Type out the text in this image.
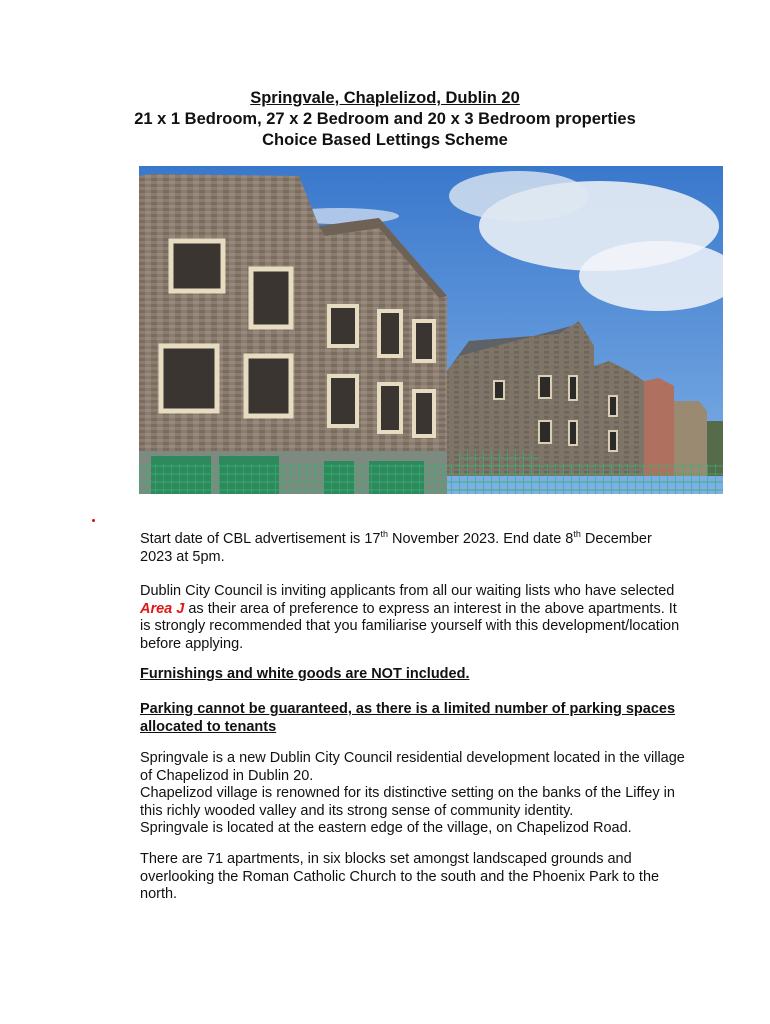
Springvale, Chaplelizod, Dublin 20
21 x 1 Bedroom, 27 x 2 Bedroom and 20 x 3 Bedroom properties
Choice Based Lettings Scheme
Start date of CBL advertisement is 17th November 2023. End date 8th December 2023 at 5pm.
Dublin City Council is inviting applicants from all our waiting lists who have selected Area J as their area of preference to express an interest in the above apartments. It is strongly recommended that you familiarise yourself with this development/location before applying.
Furnishings and white goods are NOT included.
Parking cannot be guaranteed, as there is a limited number of parking spaces allocated to tenants
Springvale is a new Dublin City Council residential development located in the village of Chapelizod in Dublin 20.
Chapelizod village is renowned for its distinctive setting on the banks of the Liffey in this richly wooded valley and its strong sense of community identity.
Springvale is located at the eastern edge of the village, on Chapelizod Road.
There are 71 apartments, in six blocks set amongst landscaped grounds and overlooking the Roman Catholic Church to the south and the Phoenix Park to the north.
